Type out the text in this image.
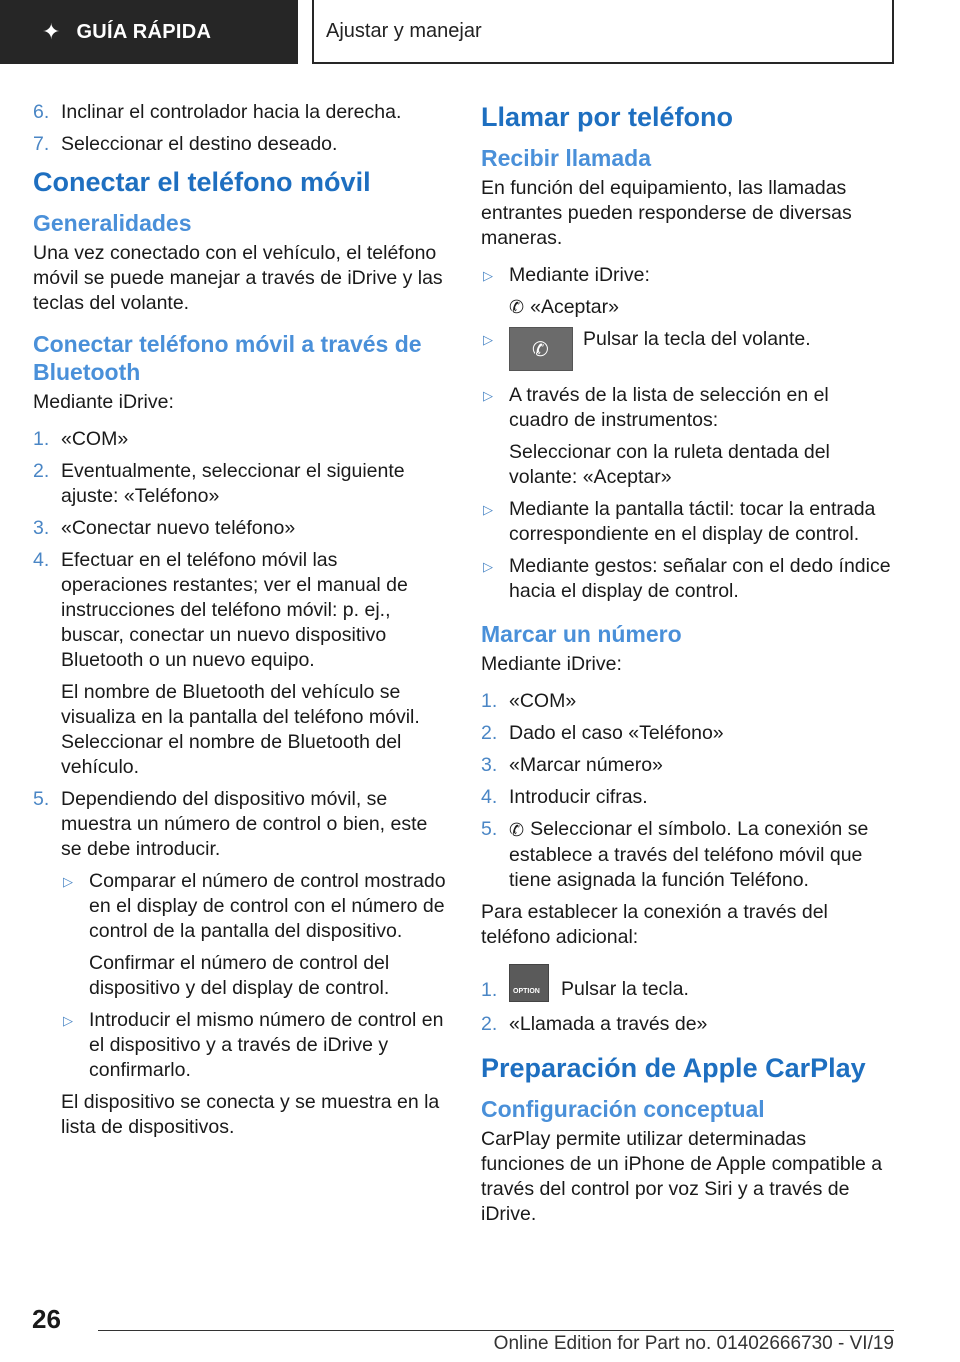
✦ GUÍA RÁPIDA	Ajustar y manejar
6. Inclinar el controlador hacia la derecha.
7. Seleccionar el destino deseado.
Conectar el teléfono móvil
Generalidades

Una vez conectado con el vehículo, el teléfono móvil se puede manejar a través de iDrive y las teclas del volante.

Conectar teléfono móvil a través de Bluetooth

Mediante iDrive:

1. «COM»
2. Eventualmente, seleccionar el siguiente ajuste: «Teléfono»
3. «Conectar nuevo teléfono»
4. Efectuar en el teléfono móvil las operaciones restantes; ver el manual de instrucciones del teléfono móvil: p. ej., buscar, conectar un nuevo dispositivo Bluetooth o un nuevo equipo.
El nombre de Bluetooth del vehículo se visualiza en la pantalla del teléfono móvil. Seleccionar el nombre de Bluetooth del vehículo.
5. Dependiendo del dispositivo móvil, se muestra un número de control o bien, este se debe introducir.
▷ Comparar el número de control mostrado en el display de control con el número de control de la pantalla del dispositivo.
Confirmar el número de control del dispositivo y del display de control.
▷ Introducir el mismo número de control en el dispositivo y a través de iDrive y confirmarlo.
El dispositivo se conecta y se muestra en la lista de dispositivos.
Llamar por teléfono
Recibir llamada

En función del equipamiento, las llamadas entrantes pueden responderse de diversas maneras.

▷ Mediante iDrive:
✆ «Aceptar»
▷ ✆ Pulsar la tecla del volante.
▷ A través de la lista de selección en el cuadro de instrumentos:
Seleccionar con la ruleta dentada del volante: «Aceptar»
▷ Mediante la pantalla táctil: tocar la entrada correspondiente en el display de control.
▷ Mediante gestos: señalar con el dedo índice hacia el display de control.
Marcar un número

Mediante iDrive:

1. «COM»
2. Dado el caso «Teléfono»
3. «Marcar número»
4. Introducir cifras.
5. ✆ Seleccionar el símbolo. La conexión se establece a través del teléfono móvil que tiene asignada la función Teléfono.

Para establecer la conexión a través del teléfono adicional:

1. OPTION Pulsar la tecla.
2. «Llamada a través de»
Preparación de Apple CarPlay
Configuración conceptual

CarPlay permite utilizar determinadas funciones de un iPhone de Apple compatible a través del control por voz Siri y a través de iDrive.

26
Online Edition for Part no. 01402666730 - VI/19
